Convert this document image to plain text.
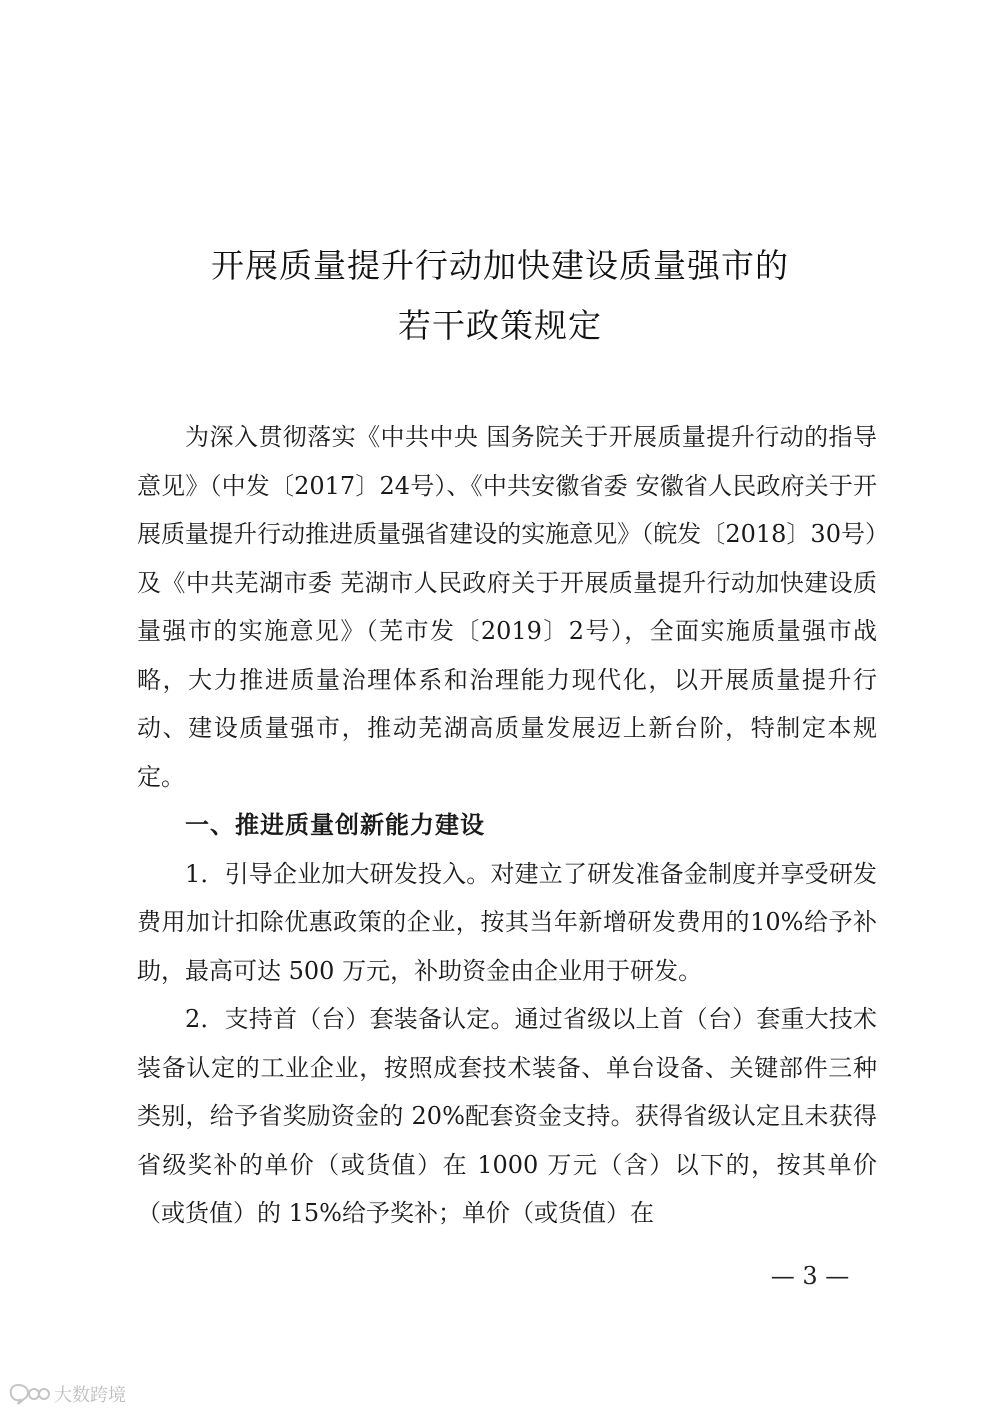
开展质量提升行动加快建设质量强市的
若干政策规定

为深入贯彻落实《中共中央 国务院关于开展质量提升行动的指导意见》（中发〔2017〕24号）、《中共安徽省委 安徽省人民政府关于开展质量提升行动推进质量强省建设的实施意见》（皖发〔2018〕30号）及《中共芜湖市委 芜湖市人民政府关于开展质量提升行动加快建设质量强市的实施意见》（芜市发〔2019〕2号），全面实施质量强市战略，大力推进质量治理体系和治理能力现代化，以开展质量提升行动、建设质量强市，推动芜湖高质量发展迈上新台阶，特制定本规定。

一、推进质量创新能力建设

1．引导企业加大研发投入。对建立了研发准备金制度并享受研发费用加计扣除优惠政策的企业，按其当年新增研发费用的10%给予补助，最高可达 500 万元，补助资金由企业用于研发。

2．支持首（台）套装备认定。通过省级以上首（台）套重大技术装备认定的工业企业，按照成套技术装备、单台设备、关键部件三种类别，给予省奖励资金的 20%配套资金支持。获得省级认定且未获得省级奖补的单价（或货值）在 1000 万元（含）以下的，按其单价（或货值）的 15%给予奖补；单价（或货值）在

— 3 —
大数跨境
